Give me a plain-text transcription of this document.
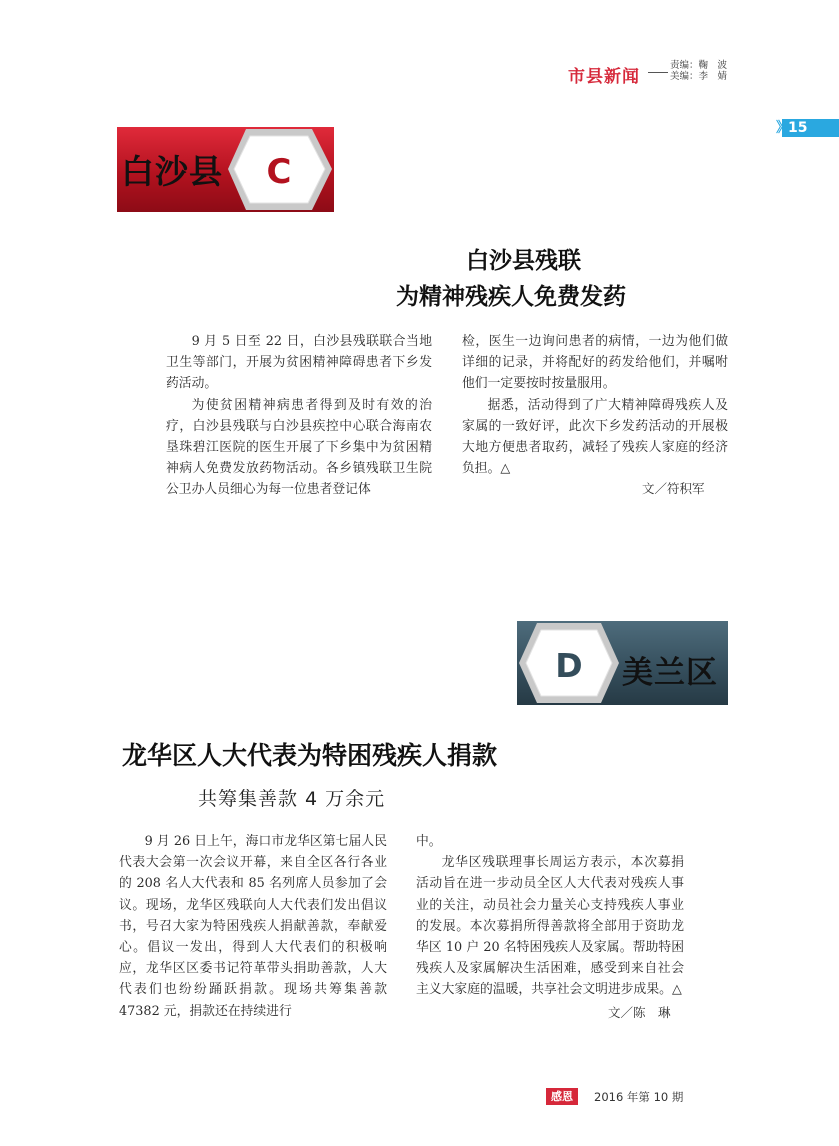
市县新闻
责编：鞠　波
美编：李　婧
》
15
白沙县 C
白沙县残联
为精神残疾人免费发药

9 月 5 日至 22 日，白沙县残联联合当地卫生等部门，开展为贫困精神障碍患者下乡发药活动。

为使贫困精神病患者得到及时有效的治疗，白沙县残联与白沙县疾控中心联合海南农垦珠碧江医院的医生开展了下乡集中为贫困精神病人免费发放药物活动。各乡镇残联卫生院公卫办人员细心为每一位患者登记体

检，医生一边询问患者的病情，一边为他们做详细的记录，并将配好的药发给他们，并嘱咐他们一定要按时按量服用。

据悉，活动得到了广大精神障碍残疾人及家属的一致好评，此次下乡发药活动的开展极大地方便患者取药，减轻了残疾人家庭的经济负担。△

文／符积军
D 美兰区
龙华区人大代表为特困残疾人捐款
共筹集善款 4 万余元

9 月 26 日上午，海口市龙华区第七届人民代表大会第一次会议开幕，来自全区各行各业的 208 名人大代表和 85 名列席人员参加了会议。现场，龙华区残联向人大代表们发出倡议书，号召大家为特困残疾人捐献善款，奉献爱心。倡议一发出，得到人大代表们的积极响应，龙华区区委书记符革带头捐助善款，人大代表们也纷纷踊跃捐款。现场共筹集善款 47382 元，捐款还在持续进行

中。

龙华区残联理事长周运方表示，本次募捐活动旨在进一步动员全区人大代表对残疾人事业的关注，动员社会力量关心支持残疾人事业的发展。本次募捐所得善款将全部用于资助龙华区 10 户 20 名特困残疾人及家属。帮助特困残疾人及家属解决生活困难，感受到来自社会主义大家庭的温暖，共享社会文明进步成果。△

文／陈　琳
感恩	2016 年第 10 期
